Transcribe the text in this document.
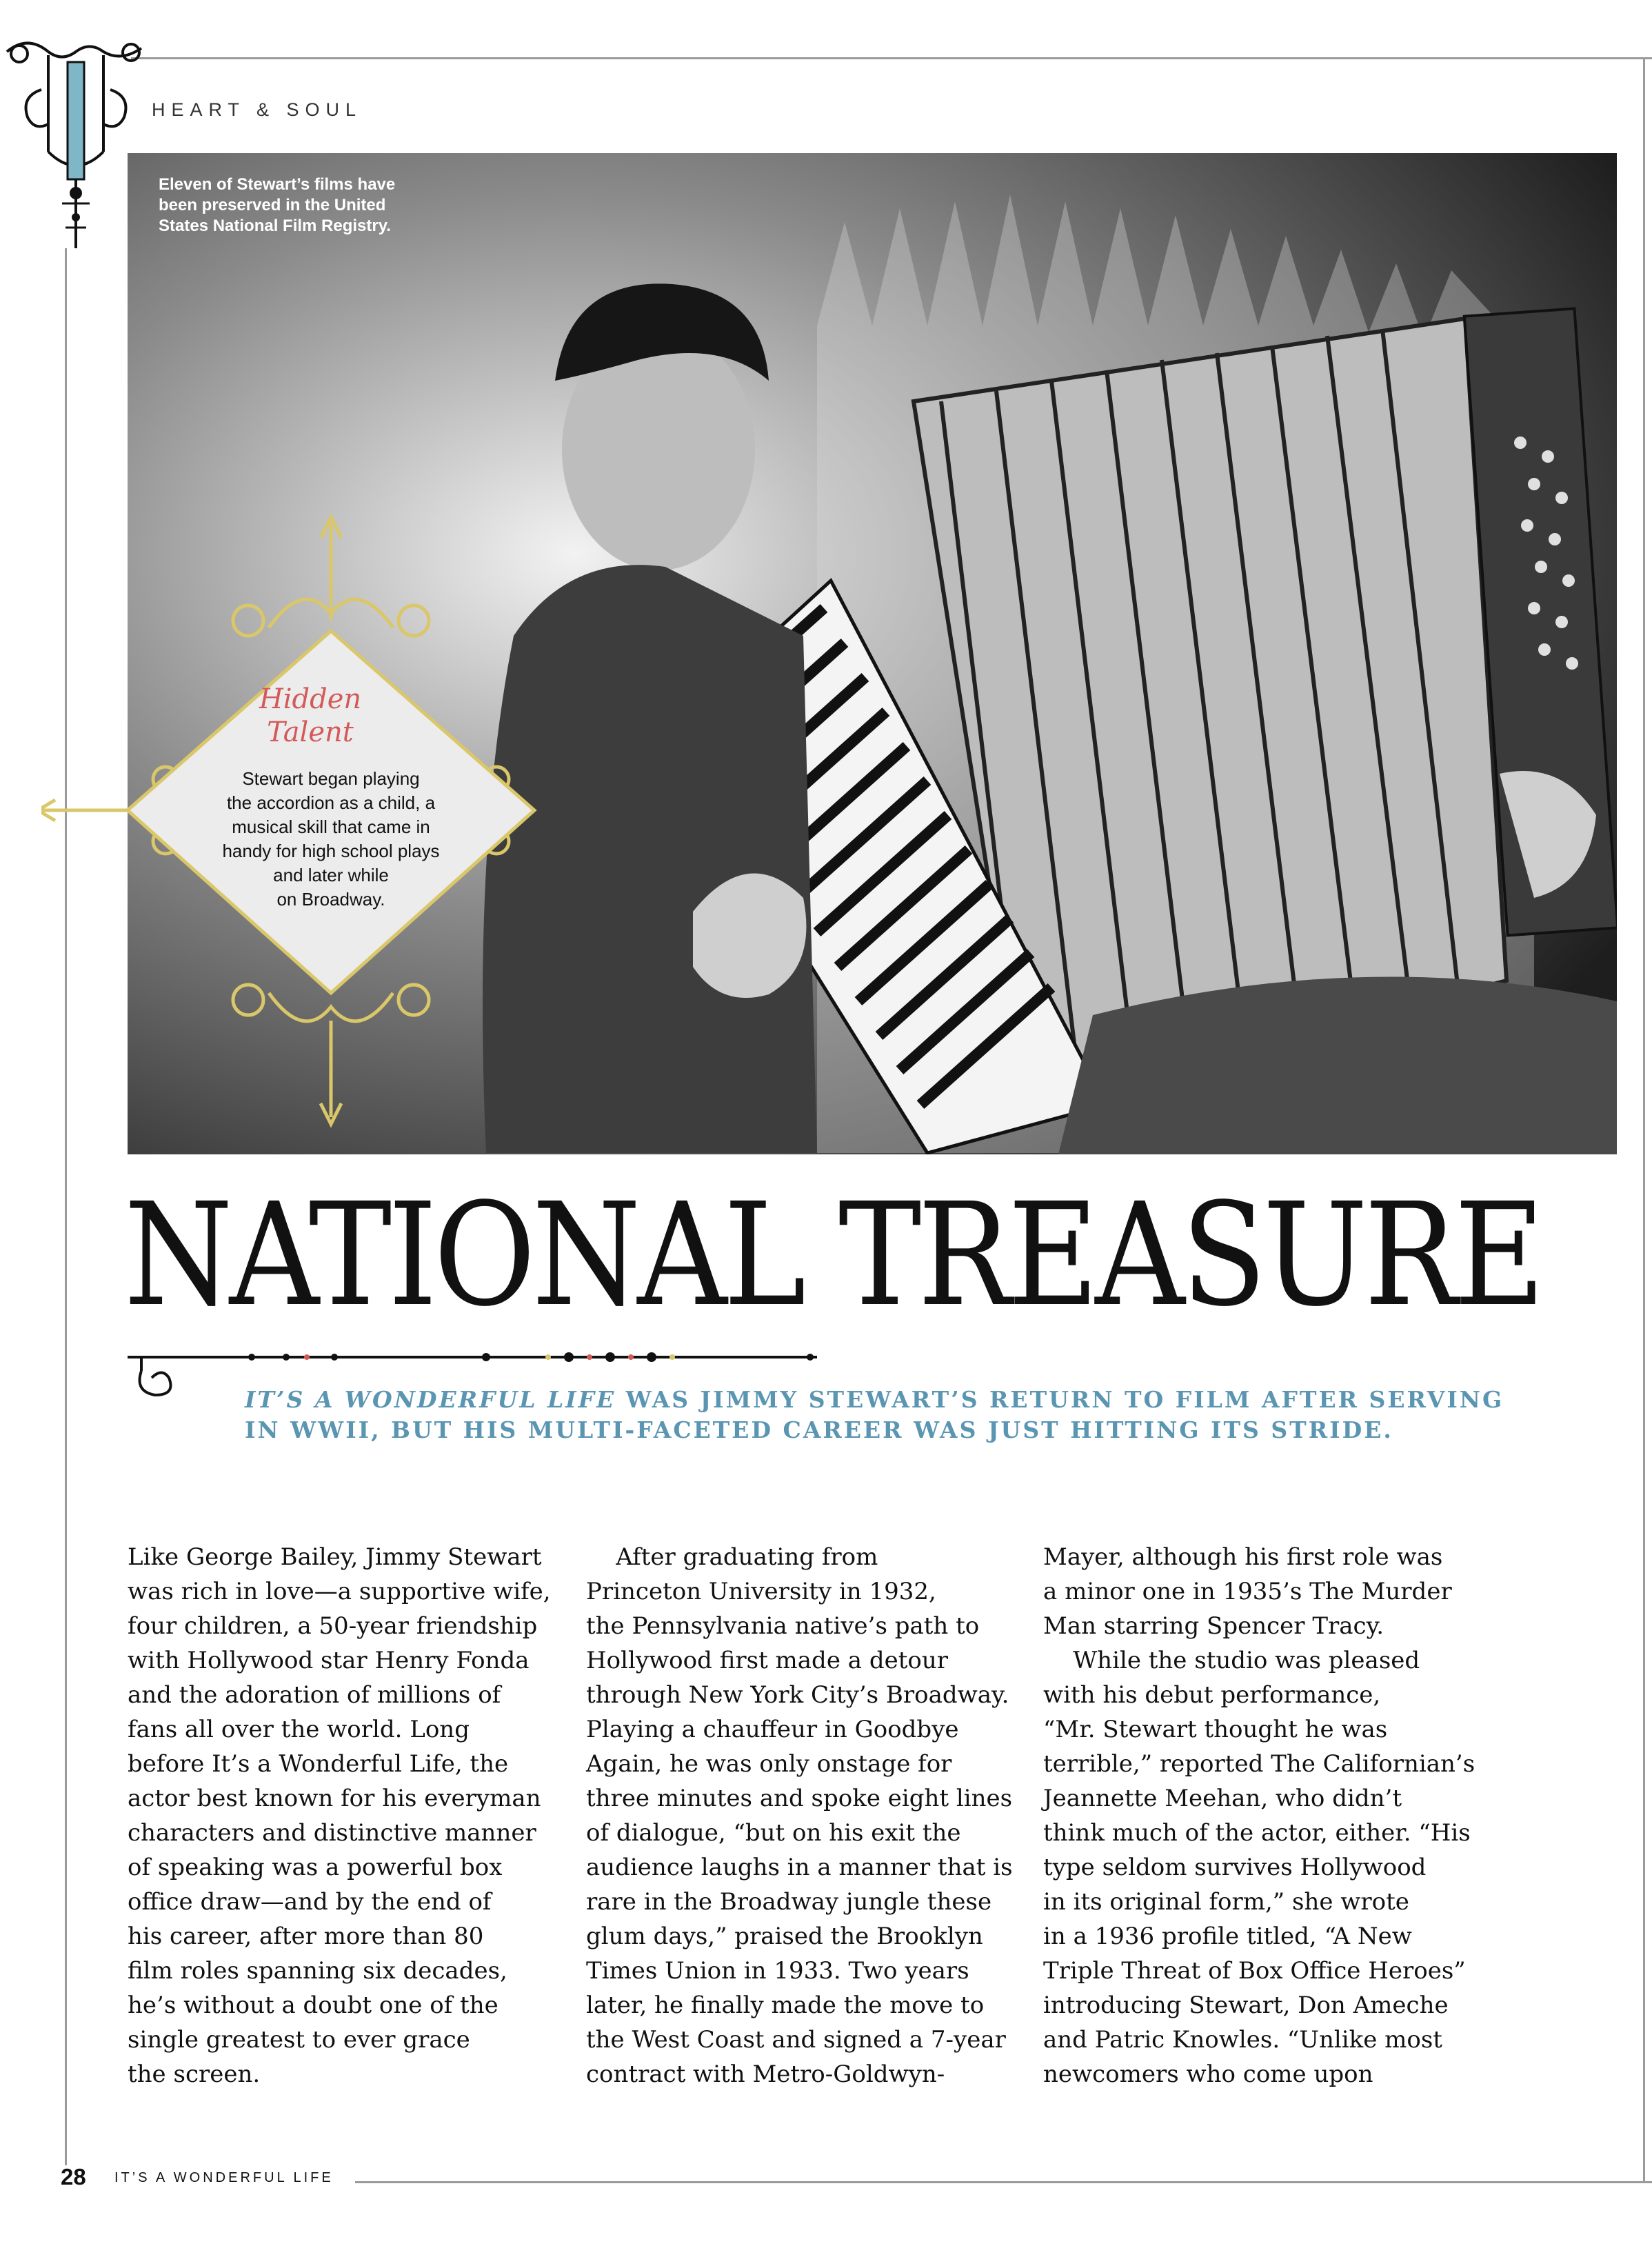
HEART & SOUL
Eleven of Stewart’s films have been preserved in the United States National Film Registry.
Hidden
Talent
Stewart began playing
the accordion as a child, a
musical skill that came in
handy for high school plays
and later while
on Broadway.
NATIONAL TREASURE
IT’S A WONDERFUL LIFE WAS JIMMY STEWART’S RETURN TO FILM AFTER SERVING IN WWII, BUT HIS MULTI-FACETED CAREER WAS JUST HITTING ITS STRIDE.
Like George Bailey, Jimmy Stewart
was rich in love—a supportive wife,
four children, a 50-year friendship
with Hollywood star Henry Fonda
and the adoration of millions of
fans all over the world. Long
before It’s a Wonderful Life, the
actor best known for his everyman
characters and distinctive manner
of speaking was a powerful box
office draw—and by the end of
his career, after more than 80
film roles spanning six decades,
he’s without a doubt one of the
single greatest to ever grace
the screen.
After graduating from
Princeton University in 1932,
the Pennsylvania native’s path to
Hollywood first made a detour
through New York City’s Broadway.
Playing a chauffeur in Goodbye
Again, he was only onstage for
three minutes and spoke eight lines
of dialogue, “but on his exit the
audience laughs in a manner that is
rare in the Broadway jungle these
glum days,” praised the Brooklyn
Times Union in 1933. Two years
later, he finally made the move to
the West Coast and signed a 7-year
contract with Metro-Goldwyn-
Mayer, although his first role was
a minor one in 1935’s The Murder
Man starring Spencer Tracy.
While the studio was pleased
with his debut performance,
“Mr. Stewart thought he was
terrible,” reported The Californian’s
Jeannette Meehan, who didn’t
think much of the actor, either. “His
type seldom survives Hollywood
in its original form,” she wrote
in a 1936 profile titled, “A New
Triple Threat of Box Office Heroes”
introducing Stewart, Don Ameche
and Patric Knowles. “Unlike most
newcomers who come upon
28 IT’S A WONDERFUL LIFE
